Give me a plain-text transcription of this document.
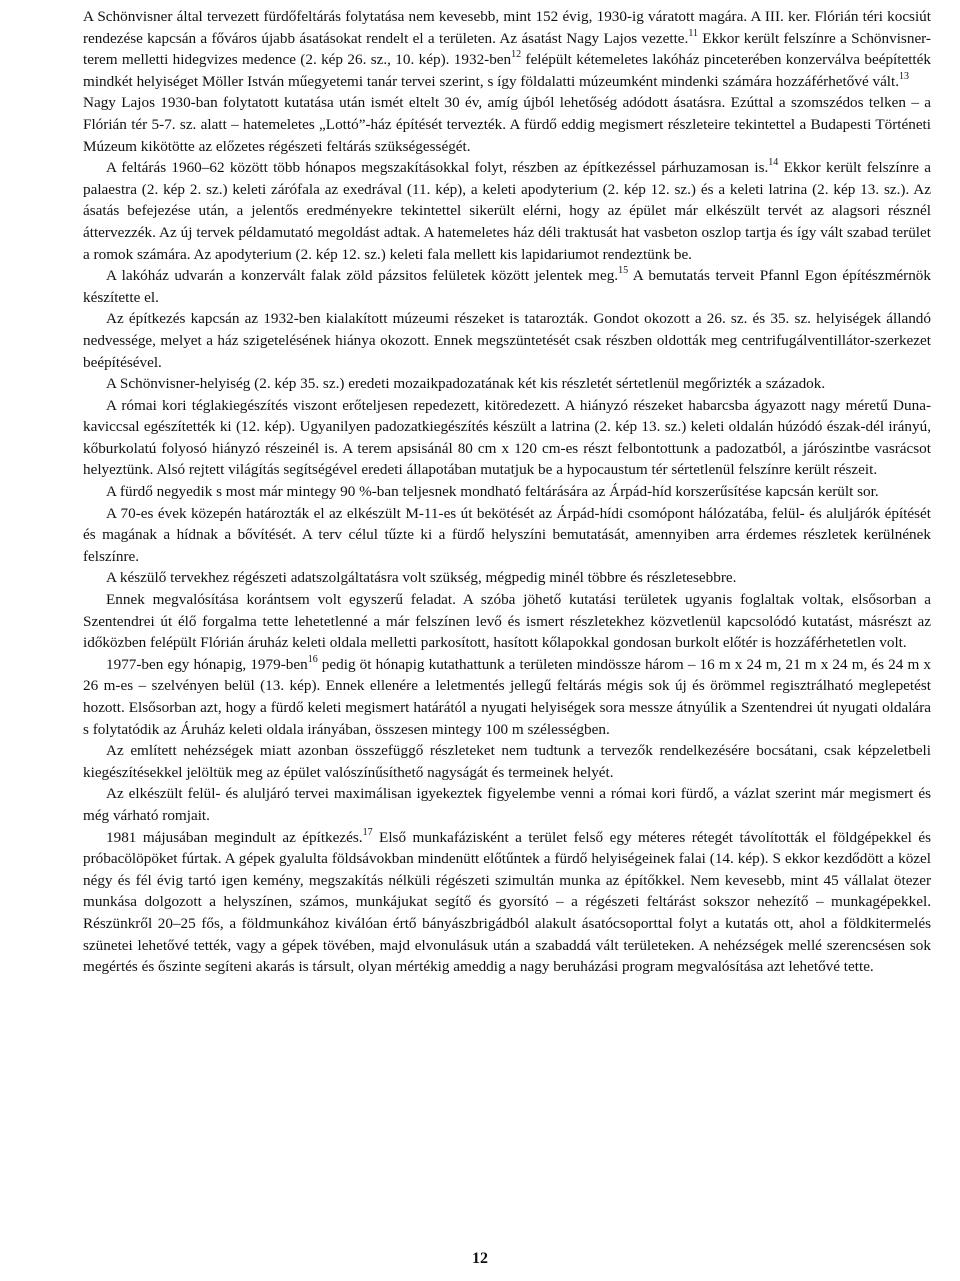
A Schönvisner által tervezett fürdőfeltárás folytatása nem kevesebb, mint 152 évig, 1930-ig váratott magára. A III. ker. Flórián téri kocsiút rendezése kapcsán a főváros újabb ásatásokat rendelt el a területen. Az ásatást Nagy Lajos vezette.$^{11}$ Ekkor került felszínre a Schönvisner-terem melletti hidegvizes medence (2. kép 26. sz., 10. kép). 1932-ben$^{12}$ felépült kétemeletes lakóház pinceterében konzerválva beépítették mindkét helyiséget Möller István műegyetemi tanár tervei szerint, s így földalatti múzeumként mindenki számára hozzáférhetővé vált.$^{13}$

Nagy Lajos 1930-ban folytatott kutatása után ismét eltelt 30 év, amíg újból lehetőség adódott ásatásra. Ezúttal a szomszédos telken – a Flórián tér 5-7. sz. alatt – hatemeletes „Lottó”-ház építését tervezték. A fürdő eddig megismert részleteire tekintettel a Budapesti Történeti Múzeum kikötötte az előzetes régészeti feltárás szükségességét.

A feltárás 1960–62 között több hónapos megszakításokkal folyt, részben az építkezéssel párhuzamosan is.$^{14}$ Ekkor került felszínre a palaestra (2. kép 2. sz.) keleti zárófala az exedrával (11. kép), a keleti apodyterium (2. kép 12. sz.) és a keleti latrina (2. kép 13. sz.). Az ásatás befejezése után, a jelentős eredményekre tekintettel sikerült elérni, hogy az épület már elkészült tervét az alagsori résznél áttervezzék. Az új tervek példamutató megoldást adtak. A hatemeletes ház déli traktusát hat vasbeton oszlop tartja és így vált szabad terület a romok számára. Az apodyterium (2. kép 12. sz.) keleti fala mellett kis lapidariumot rendeztünk be.

A lakóház udvarán a konzervált falak zöld pázsitos felületek között jelentek meg.$^{15}$ A bemutatás terveit Pfannl Egon építészmérnök készítette el.

Az építkezés kapcsán az 1932-ben kialakított múzeumi részeket is tatarozták. Gondot okozott a 26. sz. és 35. sz. helyiségek állandó nedvessége, melyet a ház szigetelésének hiánya okozott. Ennek megszüntetését csak részben oldották meg centrifugálventillátor-szerkezet beépítésével.

A Schönvisner-helyiség (2. kép 35. sz.) eredeti mozaikpadozatának két kis részletét sértetlenül megőrizték a századok.

A római kori téglakiegészítés viszont erőteljesen repedezett, kitöredezett. A hiányzó részeket habarcsba ágyazott nagy méretű Duna-kaviccsal egészítették ki (12. kép). Ugyanilyen padozatkiegészítés készült a latrina (2. kép 13. sz.) keleti oldalán húzódó észak-dél irányú, kőburkolatú folyosó hiányzó részeinél is. A terem apsisánál 80 cm x 120 cm-es részt felbontottunk a padozatból, a járószintbe vasrácsot helyeztünk. Alsó rejtett világítás segítségével eredeti állapotában mutatjuk be a hypocaustum tér sértetlenül felszínre került részeit.

A fürdő negyedik s most már mintegy 90 %-ban teljesnek mondható feltárására az Árpád-híd korszerűsítése kapcsán került sor.

A 70-es évek közepén határozták el az elkészült M-11-es út bekötését az Árpád-hídi csomópont hálózatába, felül- és aluljárók építését és magának a hídnak a bővítését. A terv célul tűzte ki a fürdő helyszíni bemutatását, amennyiben arra érdemes részletek kerülnének felszínre.

A készülő tervekhez régészeti adatszolgáltatásra volt szükség, mégpedig minél többre és részletesebbre.

Ennek megvalósítása korántsem volt egyszerű feladat. A szóba jöhető kutatási területek ugyanis foglaltak voltak, elsősorban a Szentendrei út élő forgalma tette lehetetlenné a már felszínen levő és ismert részletekhez közvetlenül kapcsolódó kutatást, másrészt az időközben felépült Flórián áruház keleti oldala melletti parkosított, hasított kőlapokkal gondosan burkolt előtér is hozzáférhetetlen volt.

1977-ben egy hónapig, 1979-ben$^{16}$ pedig öt hónapig kutathattunk a területen mindössze három – 16 m x 24 m, 21 m x 24 m, és 24 m x 26 m-es – szelvényen belül (13. kép). Ennek ellenére a leletmentés jellegű feltárás mégis sok új és örömmel regisztrálható meglepetést hozott. Elsősorban azt, hogy a fürdő keleti megismert határától a nyugati helyiségek sora messze átnyúlik a Szentendrei út nyugati oldalára s folytatódik az Áruház keleti oldala irányában, összesen mintegy 100 m szélességben.

Az említett nehézségek miatt azonban összefüggő részleteket nem tudtunk a tervezők rendelkezésére bocsátani, csak képzeletbeli kiegészítésekkel jelöltük meg az épület valószínűsíthető nagyságát és termeinek helyét.

Az elkészült felül- és aluljáró tervei maximálisan igyekeztek figyelembe venni a római kori fürdő, a vázlat szerint már megismert és még várható romjait.

1981 májusában megindult az építkezés.$^{17}$ Első munkafázisként a terület felső egy méteres rétegét távolították el földgépekkel és próbacölöpöket fúrtak. A gépek gyalulta földsávokban mindenütt előtűntek a fürdő helyiségeinek falai (14. kép). S ekkor kezdődött a közel négy és fél évig tartó igen kemény, megszakítás nélküli régészeti szimultán munka az építőkkel. Nem kevesebb, mint 45 vállalat ötezer munkása dolgozott a helyszínen, számos, munkájukat segítő és gyorsító – a régészeti feltárást sokszor nehezítő – munkagépekkel. Részünkről 20–25 fős, a földmunkához kiválóan értő bányászbrigádból alakult ásatócsoporttal folyt a kutatás ott, ahol a földkitermelés szünetei lehetővé tették, vagy a gépek tövében, majd elvonulásuk után a szabaddá vált területeken. A nehézségek mellé szerencsésen sok megértés és őszinte segíteni akarás is társult, olyan mértékig ameddig a nagy beruházási program megvalósítása azt lehetővé tette.

12
